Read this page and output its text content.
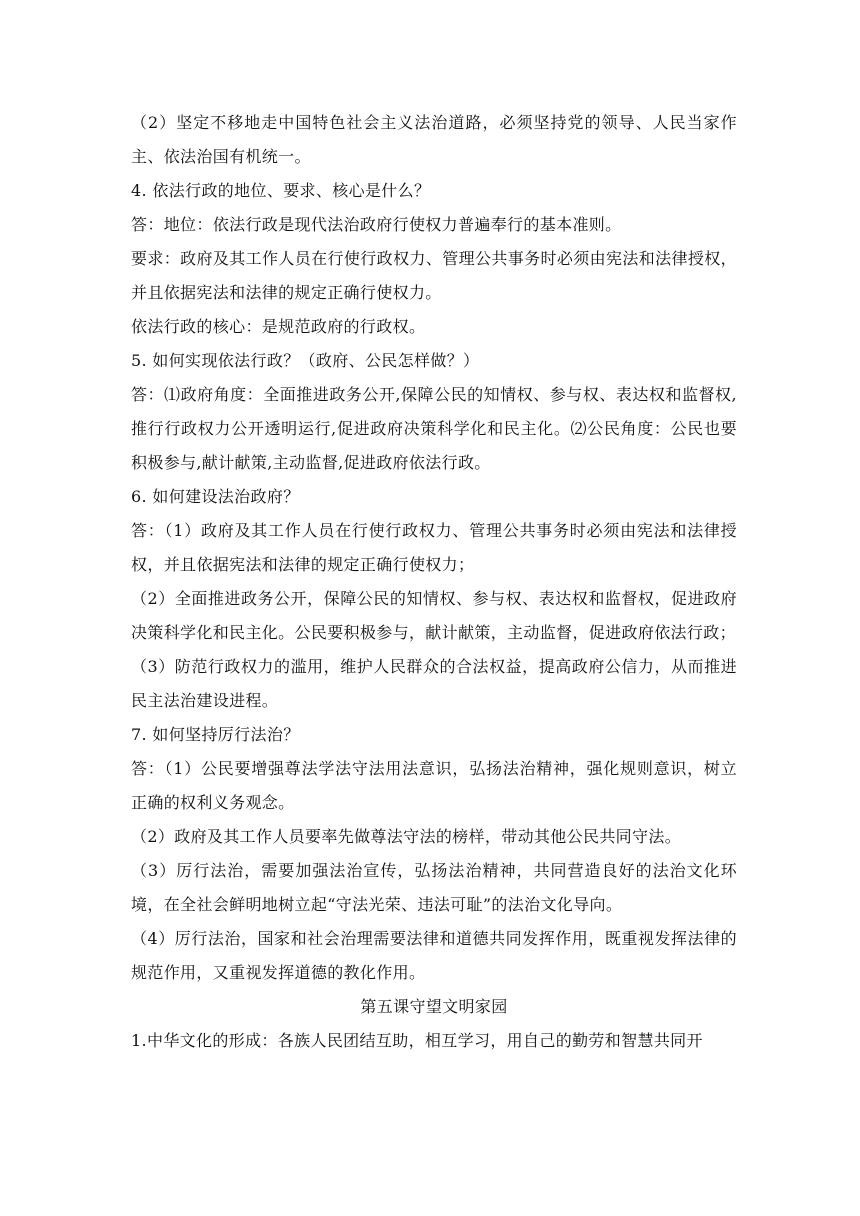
（2）坚定不移地走中国特色社会主义法治道路，必须坚持党的领导、人民当家作主、依法治国有机统一。

4. 依法行政的地位、要求、核心是什么？

答：地位：依法行政是现代法治政府行使权力普遍奉行的基本准则。

要求：政府及其工作人员在行使行政权力、管理公共事务时必须由宪法和法律授权，并且依据宪法和法律的规定正确行使权力。

依法行政的核心：是规范政府的行政权。

5. 如何实现依法行政？（政府、公民怎样做？）

答：⑴政府角度：全面推进政务公开,保障公民的知情权、参与权、表达权和监督权,推行行政权力公开透明运行,促进政府决策科学化和民主化。⑵公民角度：公民也要积极参与,献计献策,主动监督,促进政府依法行政。

6. 如何建设法治政府？

答：（1）政府及其工作人员在行使行政权力、管理公共事务时必须由宪法和法律授权，并且依据宪法和法律的规定正确行使权力；

（2）全面推进政务公开，保障公民的知情权、参与权、表达权和监督权，促进政府决策科学化和民主化。公民要积极参与，献计献策，主动监督，促进政府依法行政；

（3）防范行政权力的滥用，维护人民群众的合法权益，提高政府公信力，从而推进民主法治建设进程。

7. 如何坚持厉行法治？

答：（1）公民要增强尊法学法守法用法意识，弘扬法治精神，强化规则意识，树立正确的权利义务观念。

（2）政府及其工作人员要率先做尊法守法的榜样，带动其他公民共同守法。

（3）厉行法治，需要加强法治宣传，弘扬法治精神，共同营造良好的法治文化环境，在全社会鲜明地树立起“守法光荣、违法可耻”的法治文化导向。

（4）厉行法治，国家和社会治理需要法律和道德共同发挥作用，既重视发挥法律的规范作用，又重视发挥道德的教化作用。

第五课守望文明家园

1.中华文化的形成：各族人民团结互助，相互学习，用自己的勤劳和智慧共同开
